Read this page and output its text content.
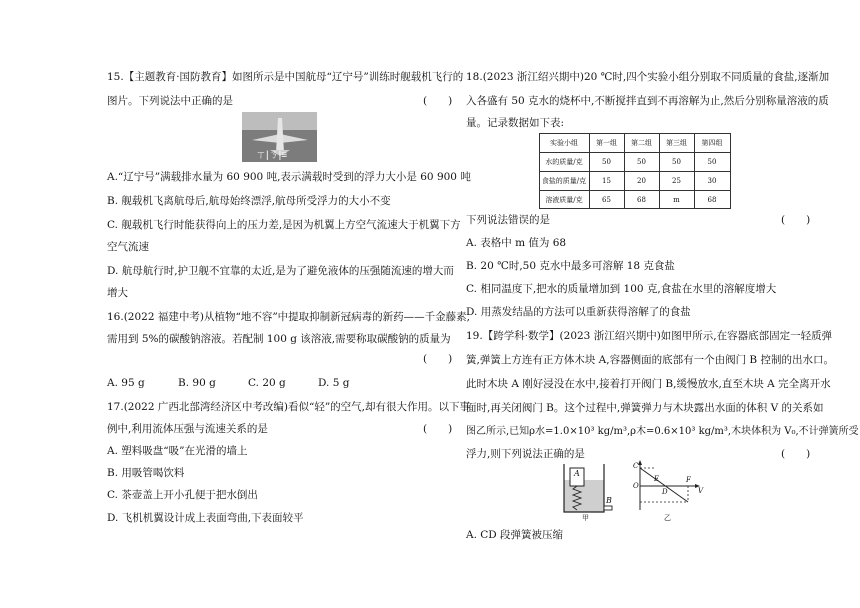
15.【主题教育·国防教育】如图所示是中国航母“辽宁号”训练时舰载机飞行的
图片。下列说法中正确的是	(　　)
ㄒ|ㄋ|≡
A.“辽宁号”满载排水量为 60 900 吨,表示满载时受到的浮力大小是 60 900 吨
B. 舰载机飞离航母后,航母始终漂浮,航母所受浮力的大小不变
C. 舰载机飞行时能获得向上的压力差,是因为机翼上方空气流速大于机翼下方
空气流速
D. 航母航行时,护卫舰不宜靠的太近,是为了避免液体的压强随流速的增大而
增大
16.(2022 福建中考)从植物“地不容”中提取抑制新冠病毒的新药——千金藤素,
需用到 5%的碳酸钠溶液。若配制 100 g 该溶液,需要称取碳酸钠的质量为
(　　)
A. 95 g	B. 90 g	C. 20 g	D. 5 g
17.(2022 广西北部湾经济区中考改编)看似“轻”的空气,却有很大作用。以下事
例中,利用流体压强与流速关系的是	(　　)
A. 塑料吸盘“吸”在光滑的墙上
B. 用吸管喝饮料
C. 茶壶盖上开小孔便于把水倒出
D. 飞机机翼设计成上表面弯曲,下表面较平
18.(2023 浙江绍兴期中)20 ℃时,四个实验小组分别取不同质量的食盐,逐渐加
入各盛有 50 克水的烧杯中,不断搅拌直到不再溶解为止,然后分别称量溶液的质
量。记录数据如下表:
实验小组	第一组	第二组	第三组	第四组
水的质量/克	50	50	50	50
食盐的质量/克	15	20	25	30
溶液质量/克	65	68	m	68
下列说法错误的是	(　　)
A. 表格中 m 值为 68
B. 20 ℃时,50 克水中最多可溶解 18 克食盐
C. 相同温度下,把水的质量增加到 100 克,食盐在水里的溶解度增大
D. 用蒸发结晶的方法可以重新获得溶解了的食盐
19.【跨学科·数学】(2023 浙江绍兴期中)如图甲所示,在容器底部固定一轻质弹
簧,弹簧上方连有正方体木块 A,容器侧面的底部有一个由阀门 B 控制的出水口。
此时木块 A 刚好浸没在水中,接着打开阀门 B,缓慢放水,直至木块 A 完全离开水
面时,再关闭阀门 B。这个过程中,弹簧弹力与木块露出水面的体积 V 的关系如
图乙所示,已知ρ水=1.0×10³ kg/m³,ρ木=0.6×10³ kg/m³,木块体积为 V₀,不计弹簧所受
浮力,则下列说法正确的是	(　　)
A
B
甲
C
O
E	F
D	V
乙
A. CD 段弹簧被压缩
